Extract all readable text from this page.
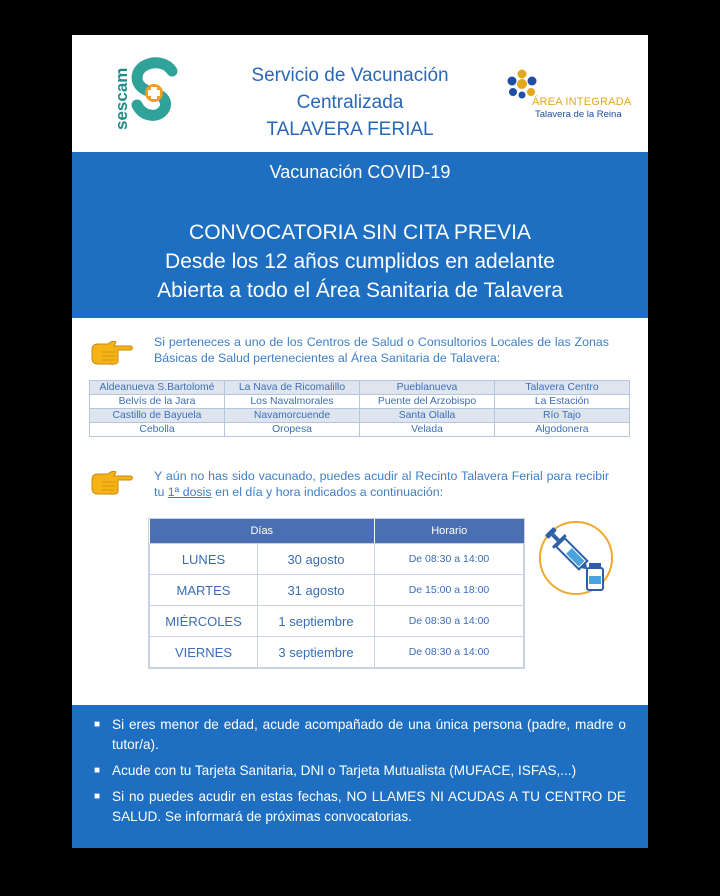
sescam	Servicio de Vacunación
Centralizada
TALAVERA FERIAL
ÁREA INTEGRADA
Talavera de la Reina
Vacunación COVID-19
CONVOCATORIA SIN CITA PREVIA
Desde los 12 años cumplidos en adelante
Abierta a todo el Área Sanitaria de Talavera
Si perteneces a uno de los Centros de Salud o Consultorios Locales de las Zonas Básicas de Salud pertenecientes al Área Sanitaria de Talavera:
Aldeanueva S.Bartolomé	La Nava de Ricomalillo	Pueblanueva	Talavera Centro
Belvís de la Jara	Los Navalmorales	Puente del Arzobispo	La Estación
Castillo de Bayuela	Navamorcuende	Santa Olalla	Río Tajo
Cebolla	Oropesa	Velada	Algodonera
Y aún no has sido vacunado, puedes acudir al Recinto Talavera Ferial para recibir tu 1ª dosis en el día y hora indicados a continuación:
Días		Horario
LUNES	30 agosto	De 08:30 a 14:00
MARTES	31 agosto	De 15:00 a 18:00
MIÉRCOLES	1 septiembre	De 08:30 a 14:00
VIERNES	3 septiembre	De 08:30 a 14:00
■ Si eres menor de edad, acude acompañado de una única persona (padre, madre o tutor/a).
■ Acude con tu Tarjeta Sanitaria, DNI o Tarjeta Mutualista (MUFACE, ISFAS,...)
■ Si no puedes acudir en estas fechas, NO LLAMES NI ACUDAS A TU CENTRO DE SALUD. Se informará de próximas convocatorias.
